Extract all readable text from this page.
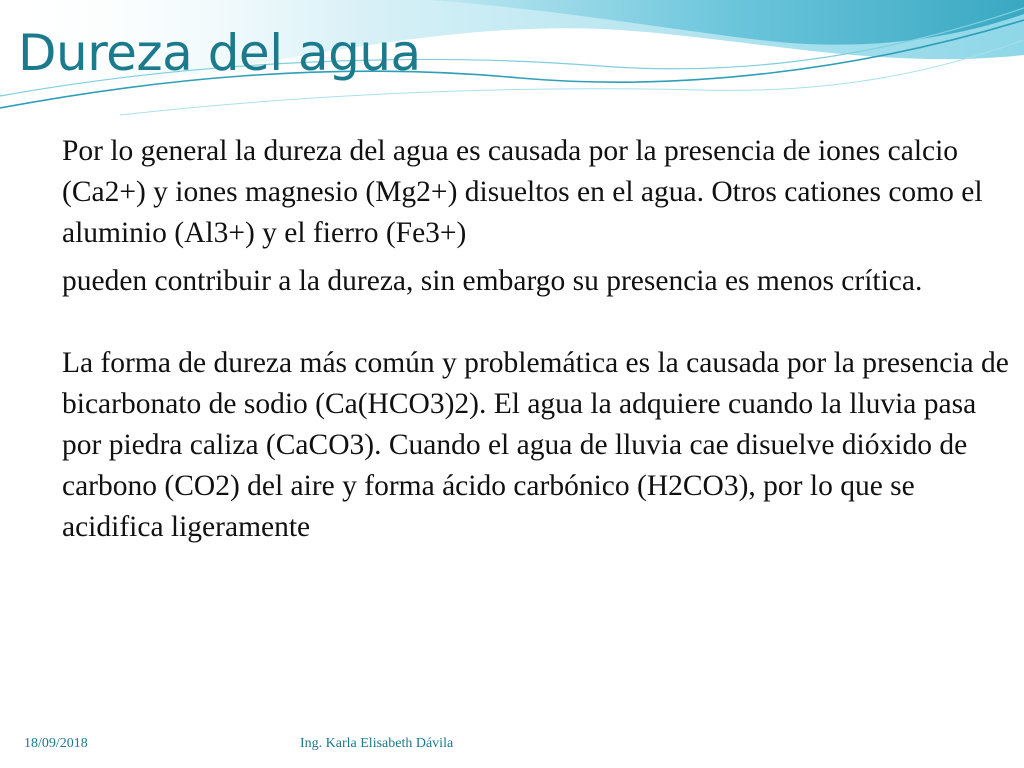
Dureza del agua

Por lo general la dureza del agua es causada por la presencia de iones calcio (Ca2+) y iones magnesio (Mg2+) disueltos en el agua. Otros cationes como el aluminio (Al3+) y el fierro (Fe3+)

pueden contribuir a la dureza, sin embargo su presencia es menos crítica.

La forma de dureza más común y problemática es la causada por la presencia de bicarbonato de sodio (Ca(HCO3)2). El agua la adquiere cuando la lluvia pasa por piedra caliza (CaCO3). Cuando el agua de lluvia cae disuelve dióxido de carbono (CO2) del aire y forma ácido carbónico (H2CO3), por lo que se acidifica ligeramente

18/09/2018	Ing. Karla Elisabeth Dávila
